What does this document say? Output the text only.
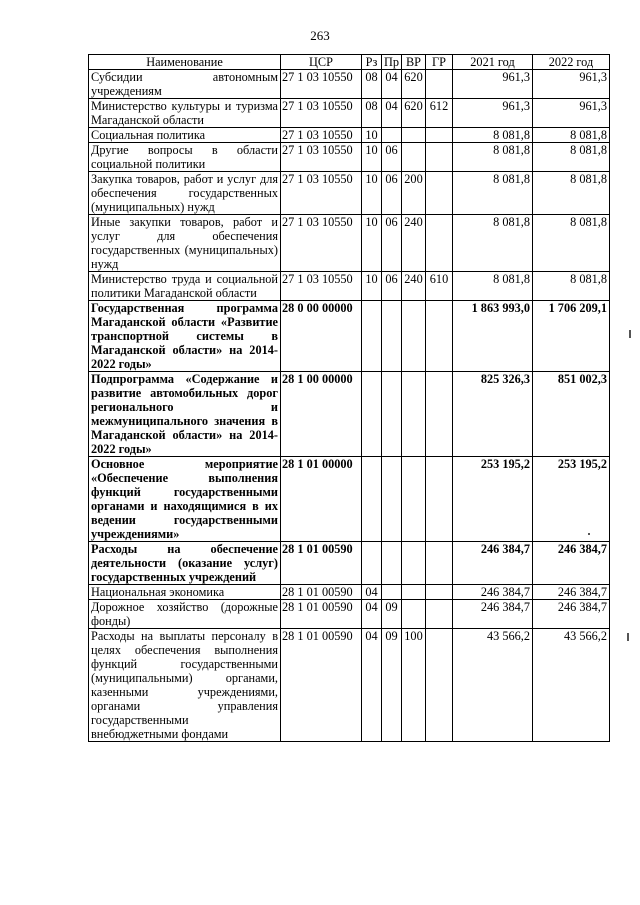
263
Наименование	ЦСР	Рз	Пр	ВР	ГР	2021 год	2022 год
Субсидии автономным учреждениям	27 1 03 10550	08	04	620		961,3	961,3
Министерство культуры и туризма Магаданской области	27 1 03 10550	08	04	620	612	961,3	961,3
Социальная политика	27 1 03 10550	10				8 081,8	8 081,8
Другие вопросы в области социальной политики	27 1 03 10550	10	06			8 081,8	8 081,8
Закупка товаров, работ и услуг для обеспечения государственных (муниципальных) нужд	27 1 03 10550	10	06	200		8 081,8	8 081,8
Иные закупки товаров, работ и услуг для обеспечения государственных (муниципальных) нужд	27 1 03 10550	10	06	240		8 081,8	8 081,8
Министерство труда и социальной политики Магаданской области	27 1 03 10550	10	06	240	610	8 081,8	8 081,8
Государственная программа Магаданской области «Развитие транспортной системы в Магаданской области» на 2014-2022 годы»	28 0 00 00000					1 863 993,0	1 706 209,1
Подпрограмма «Содержание и развитие автомобильных дорог регионального и межмуниципального значения в Магаданской области» на 2014-2022 годы»	28 1 00 00000					825 326,3	851 002,3
Основное мероприятие «Обеспечение выполнения функций государственными органами и находящимися в их ведении государственными учреждениями»	28 1 01 00000					253 195,2	253 195,2
Расходы на обеспечение деятельности (оказание услуг) государственных учреждений	28 1 01 00590					246 384,7	246 384,7
Национальная экономика	28 1 01 00590	04				246 384,7	246 384,7
Дорожное хозяйство (дорожные фонды)	28 1 01 00590	04	09			246 384,7	246 384,7
Расходы на выплаты персоналу в целях обеспечения выполнения функций государственными (муниципальными) органами, казенными учреждениями, органами управления государственными внебюджетными фондами	28 1 01 00590	04	09	100		43 566,2	43 566,2
